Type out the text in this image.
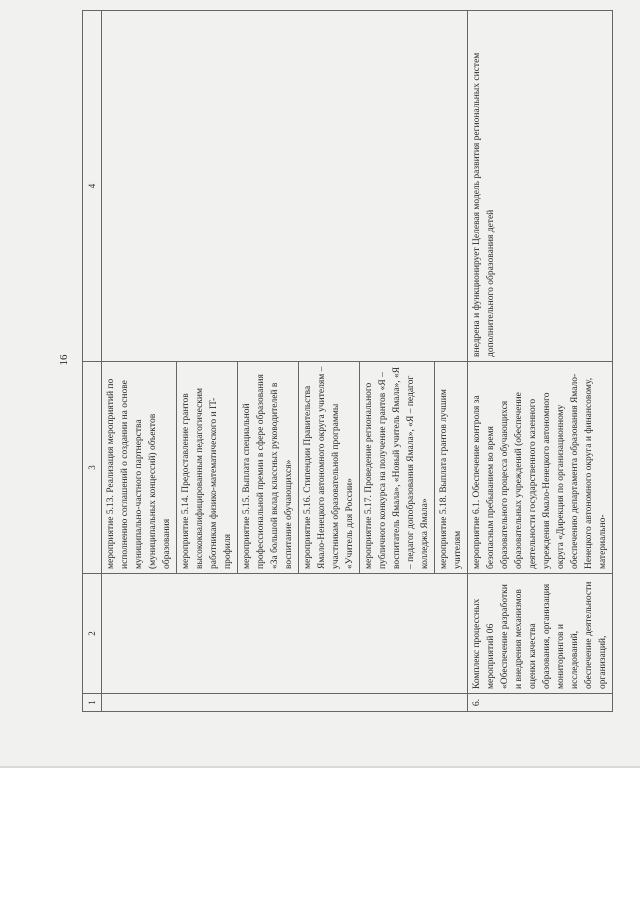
16
1	2	3	4
		мероприятие 5.13. Реализация мероприятий по исполнению соглашений о создании на основе муниципально-частного партнерства (муниципальных концессий) объектов образования	
		мероприятие 5.14. Предоставление грантов высококвалифицированным педагогическим работникам физико-математического и IT-профиля	
		мероприятие 5.15. Выплата специальной профессиональной премии в сфере образования «За большой вклад классных руководителей в воспитание обучающихся»	
		мероприятие 5.16. Стипендии Правительства Ямало-Ненецкого автономного округа учителям – участникам образовательной программы «Учитель для России»	
		мероприятие 5.17. Проведение регионального публичного конкурса на получение грантов «Я – воспитатель Ямала», «Новый учитель Ямала», «Я – педагог допобразования Ямала», «Я – педагог колледжа Ямала»	
		мероприятие 5.18. Выплата грантов лучшим учителям	
6.	Комплекс процессных мероприятий 06 «Обеспечение разработки и внедрения механизмов оценки качества образования, организация мониторингов и исследований, обеспечение деятельности организаций,	мероприятие 6.1. Обеспечение контроля за безопасным пребыванием во время образовательного процесса обучающихся образовательных учреждений (обеспечение деятельности государственного казенного учреждения Ямало-Ненецкого автономного округа «Дирекция по организационному обеспечению департамента образования Ямало-Ненецкого автономного округа и финансовому, материально-	внедрена и функционирует Целевая модель развития региональных систем дополнительного образования детей
